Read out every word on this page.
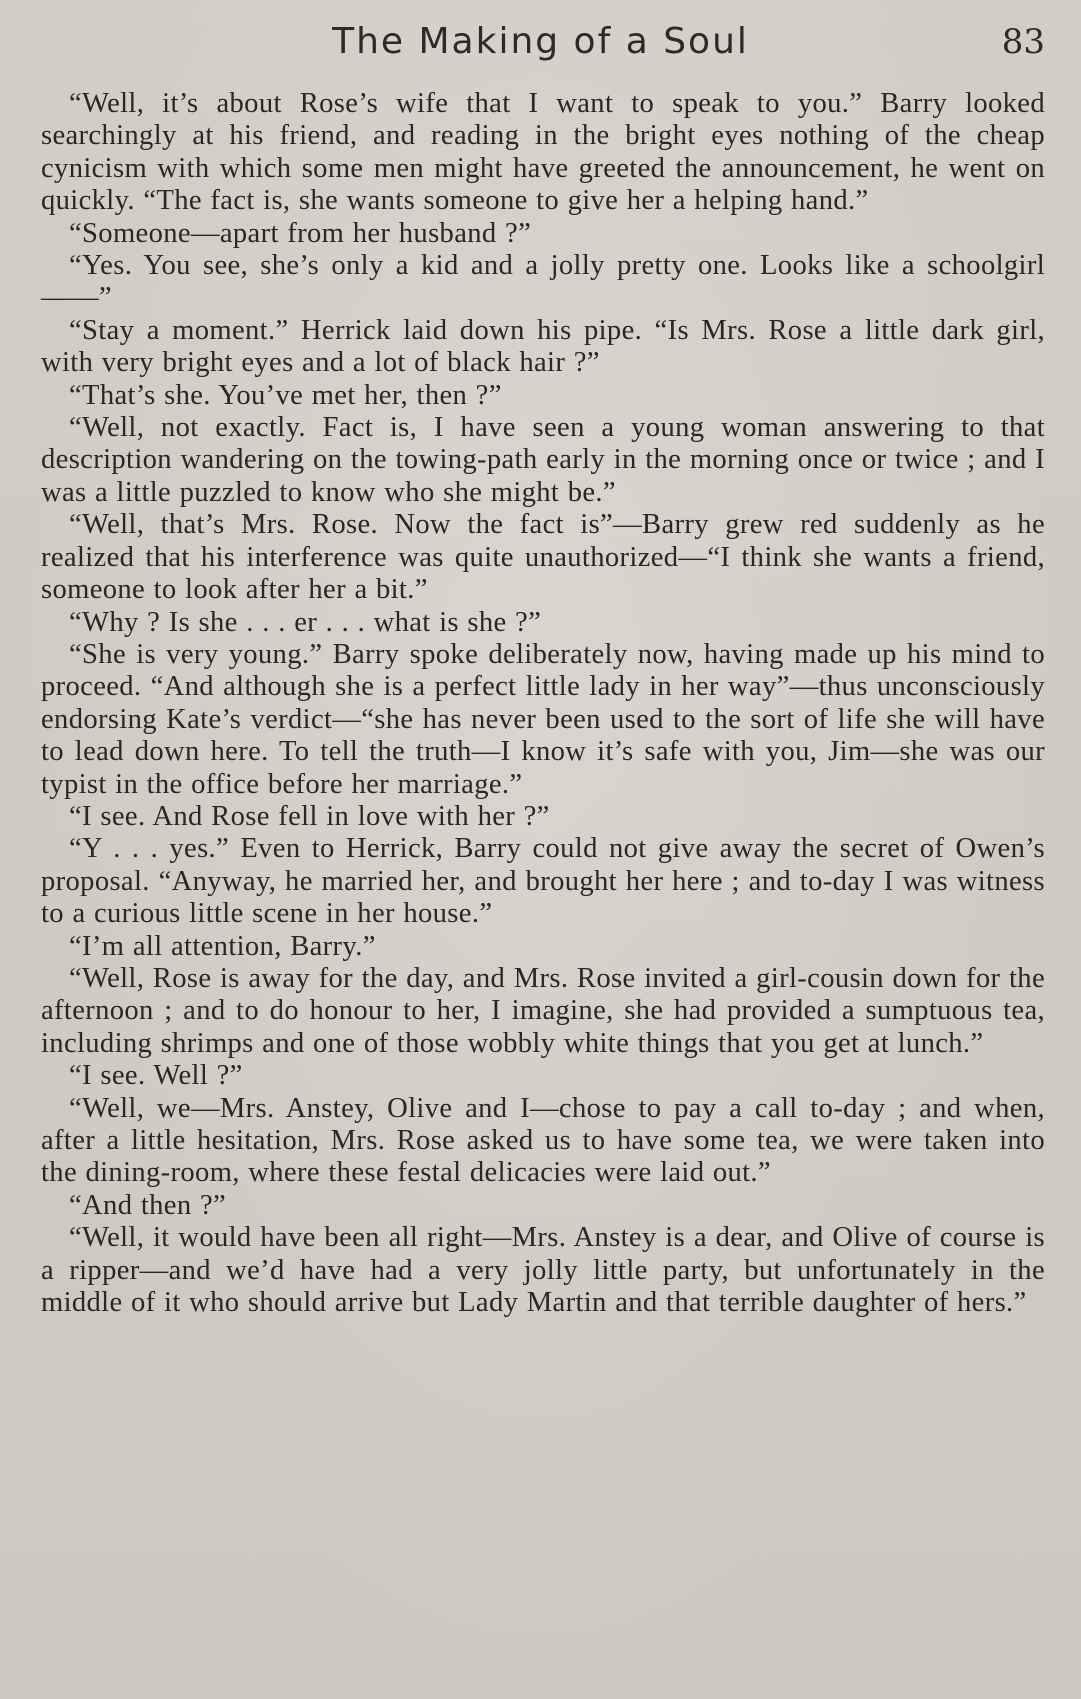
The Making of a Soul	83

“Well, it’s about Rose’s wife that I want to speak to you.” Barry looked searchingly at his friend, and reading in the bright eyes nothing of the cheap cynicism with which some men might have greeted the announcement, he went on quickly. “The fact is, she wants someone to give her a helping hand.”

“Someone—apart from her husband ?”

“Yes. You see, she’s only a kid and a jolly pretty one. Looks like a schoolgirl——”

“Stay a moment.” Herrick laid down his pipe. “Is Mrs. Rose a little dark girl, with very bright eyes and a lot of black hair ?”

“That’s she. You’ve met her, then ?”

“Well, not exactly. Fact is, I have seen a young woman answering to that description wandering on the towing-path early in the morning once or twice ; and I was a little puzzled to know who she might be.”

“Well, that’s Mrs. Rose. Now the fact is”—Barry grew red suddenly as he realized that his interference was quite unauthorized—“I think she wants a friend, someone to look after her a bit.”

“Why ? Is she . . . er . . . what is she ?”

“She is very young.” Barry spoke deliberately now, having made up his mind to proceed. “And although she is a perfect little lady in her way”—thus unconsciously endorsing Kate’s verdict—“she has never been used to the sort of life she will have to lead down here. To tell the truth—I know it’s safe with you, Jim—she was our typist in the office before her marriage.”

“I see. And Rose fell in love with her ?”

“Y . . . yes.” Even to Herrick, Barry could not give away the secret of Owen’s proposal. “Anyway, he married her, and brought her here ; and to-day I was witness to a curious little scene in her house.”

“I’m all attention, Barry.”

“Well, Rose is away for the day, and Mrs. Rose invited a girl-cousin down for the afternoon ; and to do honour to her, I imagine, she had provided a sumptuous tea, including shrimps and one of those wobbly white things that you get at lunch.”

“I see. Well ?”

“Well, we—Mrs. Anstey, Olive and I—chose to pay a call to-day ; and when, after a little hesitation, Mrs. Rose asked us to have some tea, we were taken into the dining-room, where these festal delicacies were laid out.”

“And then ?”

“Well, it would have been all right—Mrs. Anstey is a dear, and Olive of course is a ripper—and we’d have had a very jolly little party, but unfortunately in the middle of it who should arrive but Lady Martin and that terrible daughter of hers.”
